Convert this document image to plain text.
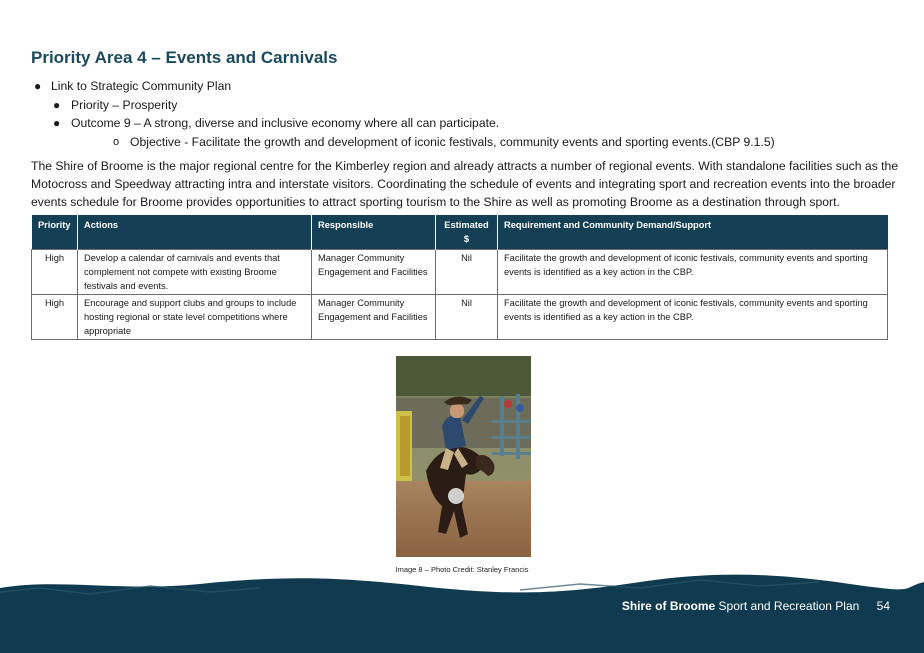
Priority Area 4 – Events and Carnivals
● Link to Strategic Community Plan
● Priority – Prosperity
● Outcome 9 – A strong, diverse and inclusive economy where all can participate.
o Objective - Facilitate the growth and development of iconic festivals, community events and sporting events.(CBP 9.1.5)

The Shire of Broome is the major regional centre for the Kimberley region and already attracts a number of regional events. With standalone facilities such as the Motocross and Speedway attracting intra and interstate visitors. Coordinating the schedule of events and integrating sport and recreation events into the broader events schedule for Broome provides opportunities to attract sporting tourism to the Shire as well as promoting Broome as a destination through sport.

Priority	Actions	Responsible	Estimated $	Requirement and Community Demand/Support
High	Develop a calendar of carnivals and events that complement not compete with existing Broome festivals and events.	Manager Community Engagement and Facilities	Nil	Facilitate the growth and development of iconic festivals, community events and sporting events is identified as a key action in the CBP.
High	Encourage and support clubs and groups to include hosting regional or state level competitions where appropriate	Manager Community Engagement and Facilities	Nil	Facilitate the growth and development of iconic festivals, community events and sporting events is identified as a key action in the CBP.
Image 8 – Photo Credit: Stanley Francis
Shire of Broome Sport and Recreation Plan 54
